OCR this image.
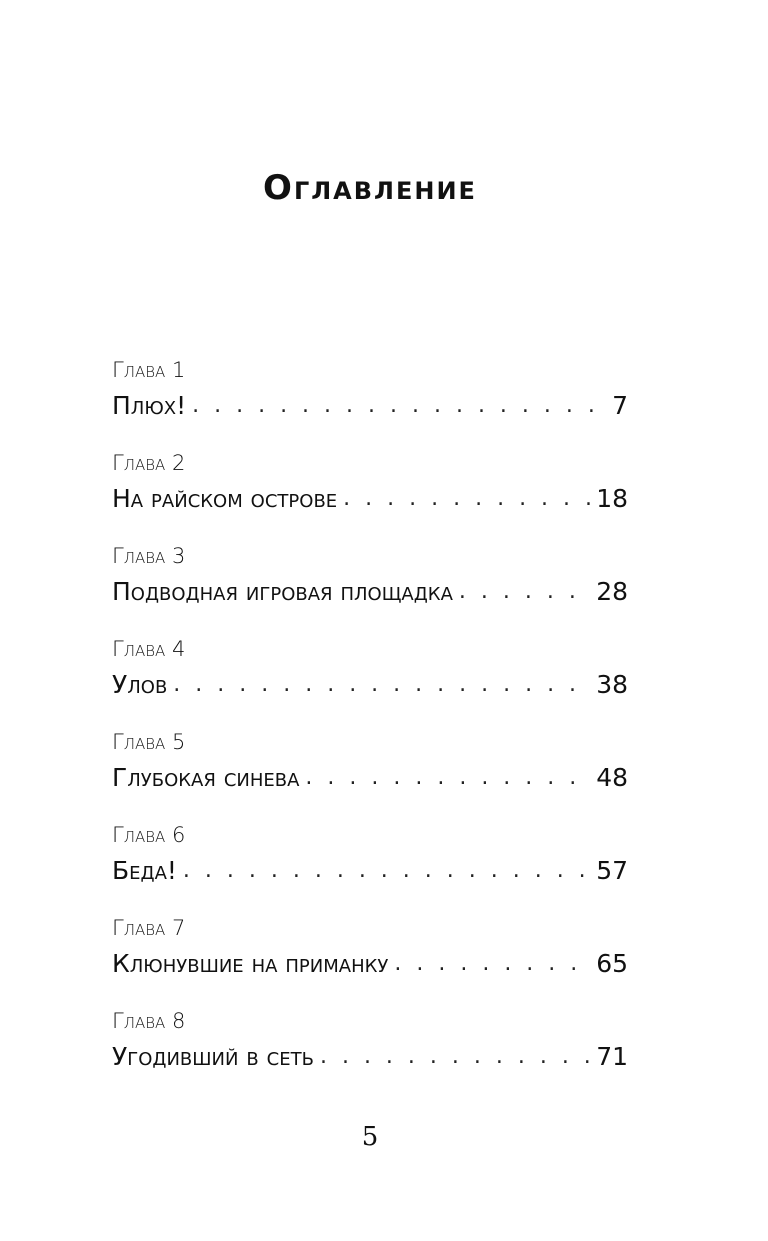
Оглавление
Глава 1
Плюх! . . .	7
Глава 2
На райском острове . . .	18
Глава 3
Подводная игровая площадка . . .	28
Глава 4
Улов . . .	38
Глава 5
Глубокая синева . . .	48
Глава 6
Беда! . . .	57
Глава 7
Клюнувшие на приманку . . .	65
Глава 8
Угодивший в сеть . . .	71
5
